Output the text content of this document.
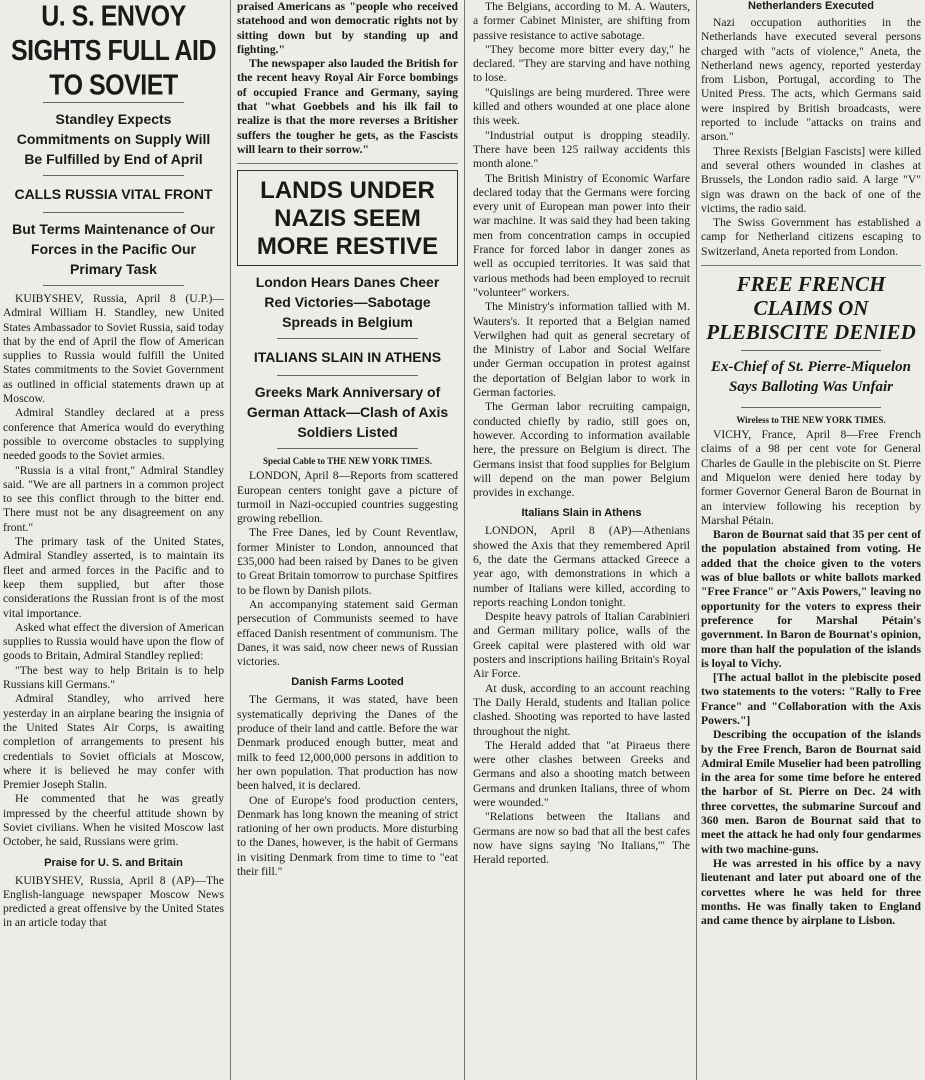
U. S. ENVOY SIGHTS FULL AID TO SOVIET
Standley Expects Commitments on Supply Will Be Fulfilled by End of April
CALLS RUSSIA VITAL FRONT
But Terms Maintenance of Our Forces in the Pacific Our Primary Task

KUIBYSHEV, Russia, April 8 (U.P.)—Admiral William H. Standley, new United States Ambassador to Soviet Russia, said today that by the end of April the flow of American supplies to Russia would fulfill the United States commitments to the Soviet Government as outlined in official statements drawn up at Moscow.

Admiral Standley declared at a press conference that America would do everything possible to overcome obstacles to supplying needed goods to the Soviet armies.

"Russia is a vital front," Admiral Standley said. "We are all partners in a common project to see this conflict through to the bitter end. There must not be any disagreement on any front."

The primary task of the United States, Admiral Standley asserted, is to maintain its fleet and armed forces in the Pacific and to keep them supplied, but after those considerations the Russian front is of the most vital importance.

Asked what effect the diversion of American supplies to Russia would have upon the flow of goods to Britain, Admiral Standley replied:

"The best way to help Britain is to help Russians kill Germans."

Admiral Standley, who arrived here yesterday in an airplane bearing the insignia of the United States Air Corps, is awaiting completion of arrangements to present his credentials to Soviet officials at Moscow, where it is believed he may confer with Premier Joseph Stalin.

He commented that he was greatly impressed by the cheerful attitude shown by Soviet civilians. When he visited Moscow last October, he said, Russians were grim.

Praise for U. S. and Britain

KUIBYSHEV, Russia, April 8 (AP)—The English-language newspaper Moscow News predicted a great offensive by the United States in an article today that

praised Americans as "people who received statehood and won democratic rights not by sitting down but by standing up and fighting."

The newspaper also lauded the British for the recent heavy Royal Air Force bombings of occupied France and Germany, saying that "what Goebbels and his ilk fail to realize is that the more reverses a Britisher suffers the tougher he gets, as the Fascists will learn to their sorrow."

LANDS UNDER NAZIS SEEM MORE RESTIVE
London Hears Danes Cheer Red Victories—Sabotage Spreads in Belgium
ITALIANS SLAIN IN ATHENS
Greeks Mark Anniversary of German Attack—Clash of Axis Soldiers Listed
Special Cable to THE NEW YORK TIMES.

LONDON, April 8—Reports from scattered European centers tonight gave a picture of turmoil in Nazi-occupied countries suggesting growing rebellion.

The Free Danes, led by Count Reventlaw, former Minister to London, announced that £35,000 had been raised by Danes to be given to Great Britain tomorrow to purchase Spitfires to be flown by Danish pilots.

An accompanying statement said German persecution of Communists seemed to have effaced Danish resentment of communism. The Danes, it was said, now cheer news of Russian victories.

Danish Farms Looted

The Germans, it was stated, have been systematically depriving the Danes of the produce of their land and cattle. Before the war Denmark produced enough butter, meat and milk to feed 12,000,000 persons in addition to her own population. That production has now been halved, it is declared.

One of Europe's food production centers, Denmark has long known the meaning of strict rationing of her own products. More disturbing to the Danes, however, is the habit of Germans in visiting Denmark from time to time to "eat their fill."

The Belgians, according to M. A. Wauters, a former Cabinet Minister, are shifting from passive resistance to active sabotage.

"They become more bitter every day," he declared. "They are starving and have nothing to lose.

"Quislings are being murdered. Three were killed and others wounded at one place alone this week.

"Industrial output is dropping steadily. There have been 125 railway accidents this month alone."

The British Ministry of Economic Warfare declared today that the Germans were forcing every unit of European man power into their war machine. It was said they had been taking men from concentration camps in occupied France for forced labor in danger zones as well as occupied territories. It was said that various methods had been employed to recruit "volunteer" workers.

The Ministry's information tallied with M. Wauters's. It reported that a Belgian named Verwilghen had quit as general secretary of the Ministry of Labor and Social Welfare under German occupation in protest against the deportation of Belgian labor to work in German factories.

The German labor recruiting campaign, conducted chiefly by radio, still goes on, however. According to information available here, the pressure on Belgium is direct. The Germans insist that food supplies for Belgium will depend on the man power Belgium provides in exchange.

Italians Slain in Athens

LONDON, April 8 (AP)—Athenians showed the Axis that they remembered April 6, the date the Germans attacked Greece a year ago, with demonstrations in which a number of Italians were killed, according to reports reaching London tonight.

Despite heavy patrols of Italian Carabinieri and German military police, walls of the Greek capital were plastered with old war posters and inscriptions hailing Britain's Royal Air Force.

At dusk, according to an account reaching The Daily Herald, students and Italian police clashed. Shooting was reported to have lasted throughout the night.

The Herald added that "at Piraeus there were other clashes between Greeks and Germans and also a shooting match between Germans and drunken Italians, three of whom were wounded."

"Relations between the Italians and Germans are now so bad that all the best cafes now have signs saying 'No Italians,'" The Herald reported.

Netherlanders Executed

Nazi occupation authorities in the Netherlands have executed several persons charged with "acts of violence," Aneta, the Netherland news agency, reported yesterday from Lisbon, Portugal, according to The United Press. The acts, which Germans said were inspired by British broadcasts, were reported to include "attacks on trains and arson."

Three Rexists [Belgian Fascists] were killed and several others wounded in clashes at Brussels, the London radio said. A large "V" sign was drawn on the back of one of the victims, the radio said.

The Swiss Government has established a camp for Netherland citizens escaping to Switzerland, Aneta reported from London.

FREE FRENCH CLAIMS ON PLEBISCITE DENIED
Ex-Chief of St. Pierre-Miquelon Says Balloting Was Unfair
Wireless to THE NEW YORK TIMES.

VICHY, France, April 8—Free French claims of a 98 per cent vote for General Charles de Gaulle in the plebiscite on St. Pierre and Miquelon were denied here today by former Governor General Baron de Bournat in an interview following his reception by Marshal Pétain.

Baron de Bournat said that 35 per cent of the population abstained from voting. He added that the choice given to the voters was of blue ballots or white ballots marked "Free France" or "Axis Powers," leaving no opportunity for the voters to express their preference for Marshal Pétain's government. In Baron de Bournat's opinion, more than half the population of the islands is loyal to Vichy.

[The actual ballot in the plebiscite posed two statements to the voters: "Rally to Free France" and "Collaboration with the Axis Powers."]

Describing the occupation of the islands by the Free French, Baron de Bournat said Admiral Emile Muselier had been patrolling in the area for some time before he entered the harbor of St. Pierre on Dec. 24 with three corvettes, the submarine Surcouf and 360 men. Baron de Bournat said that to meet the attack he had only four gendarmes with two machine-guns.

He was arrested in his office by a navy lieutenant and later put aboard one of the corvettes where he was held for three months. He was finally taken to England and came thence by airplane to Lisbon.
